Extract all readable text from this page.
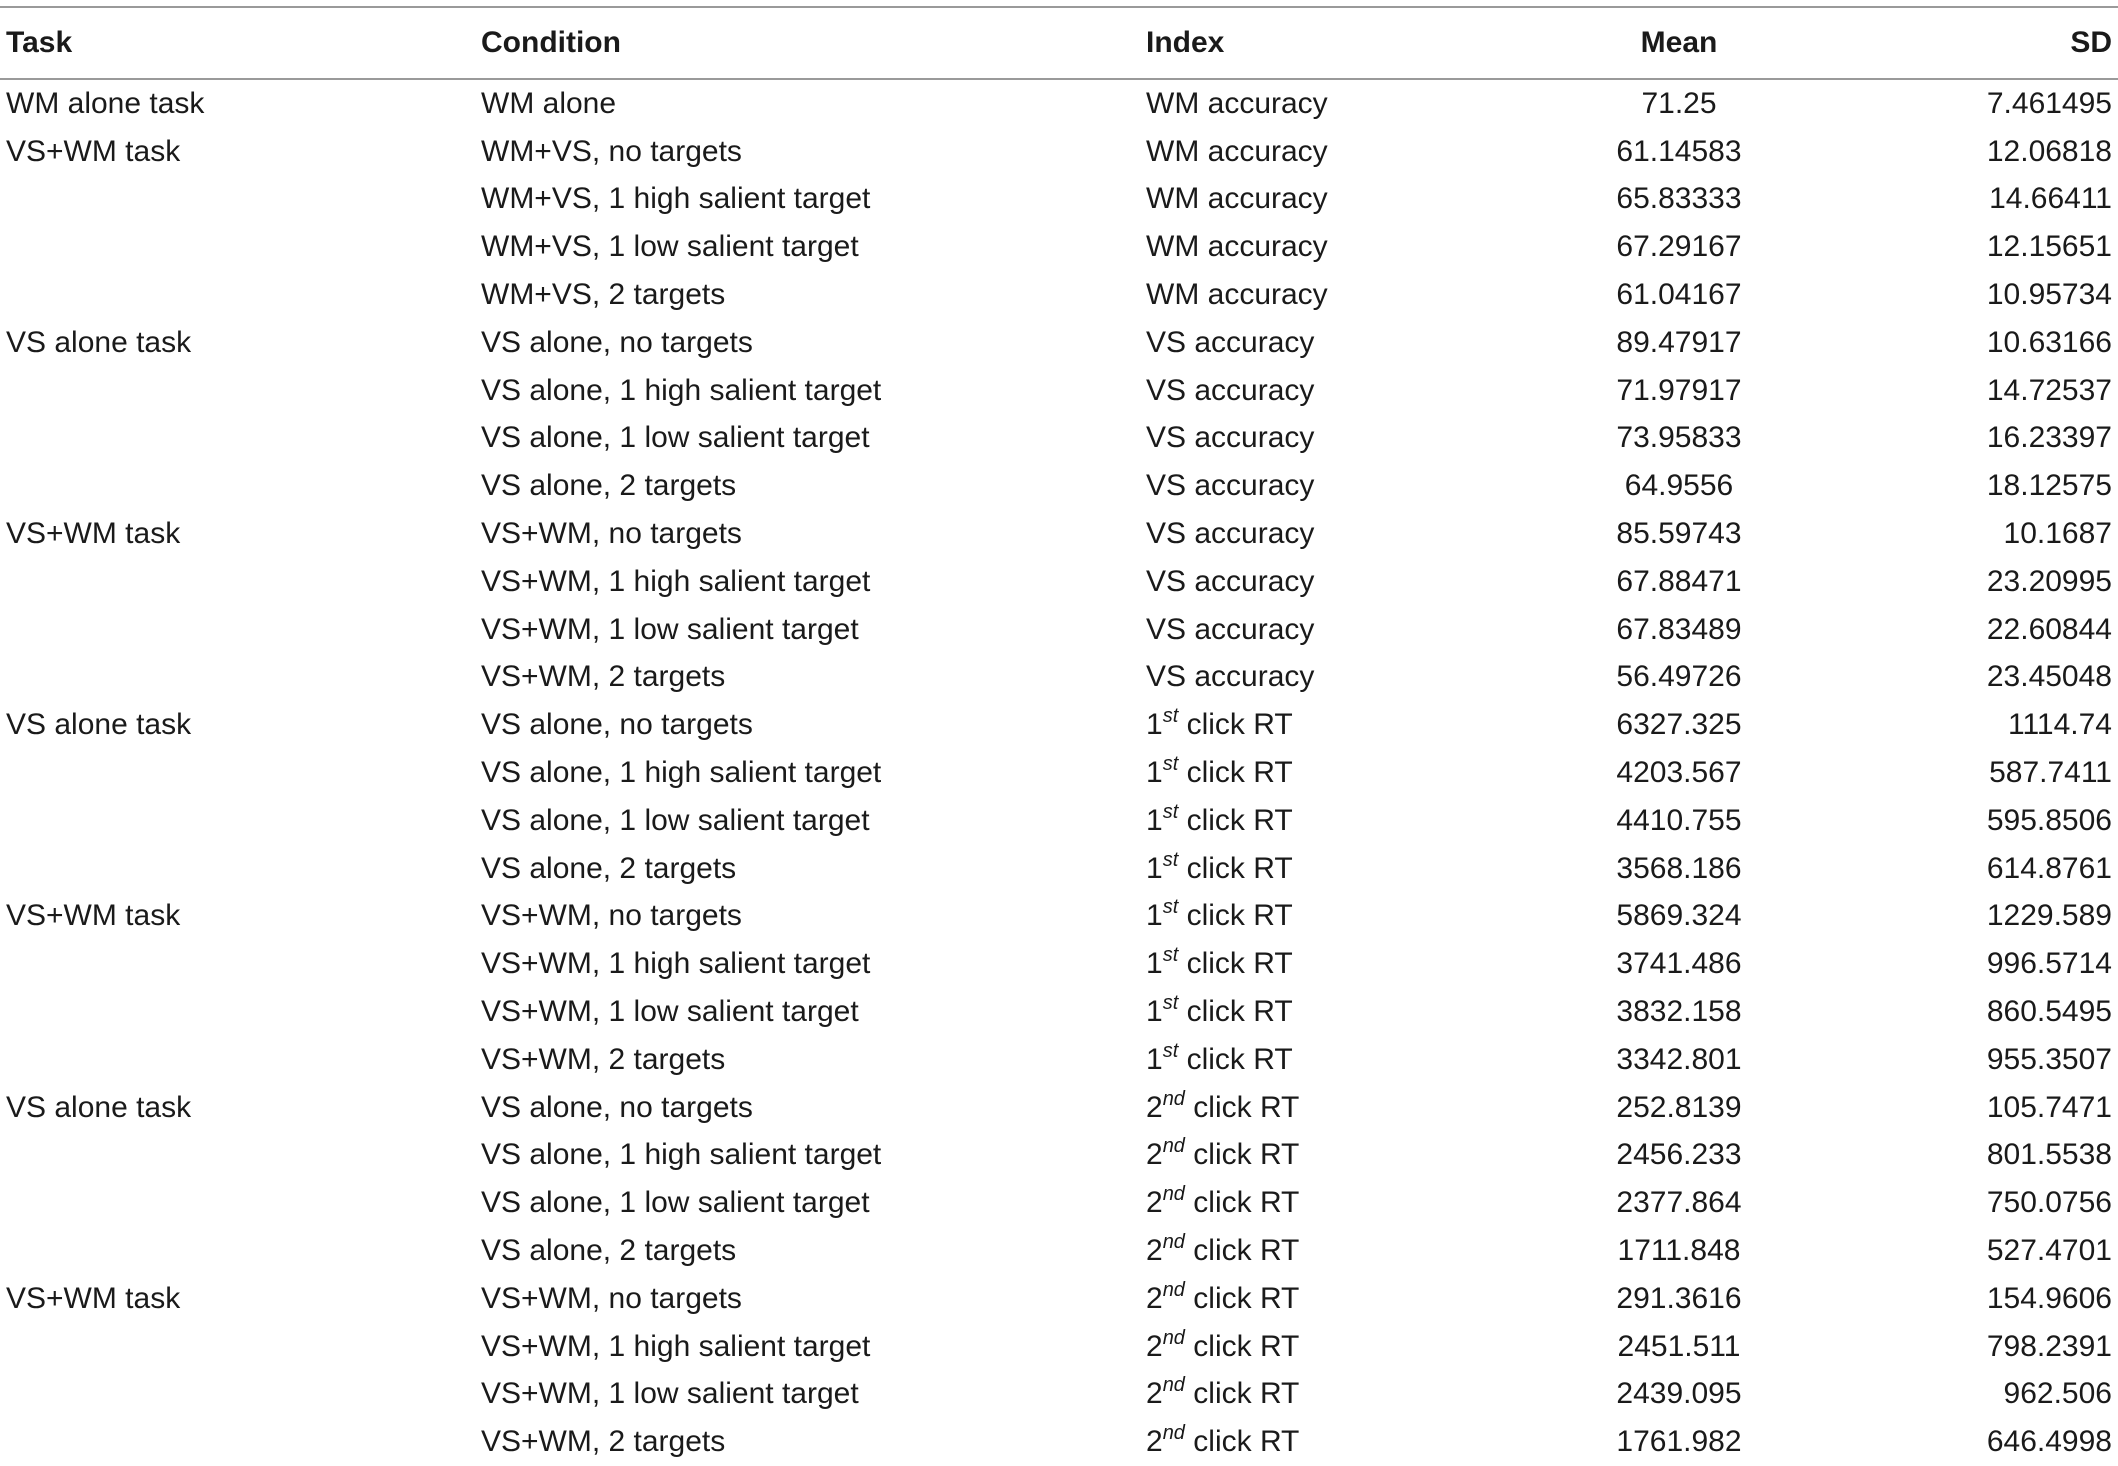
Task	Condition	Index	Mean	SD
WM alone task	WM alone	WM accuracy	71.25	7.461495
VS+WM task	WM+VS, no targets	WM accuracy	61.14583	12.06818
	WM+VS, 1 high salient target	WM accuracy	65.83333	14.66411
	WM+VS, 1 low salient target	WM accuracy	67.29167	12.15651
	WM+VS, 2 targets	WM accuracy	61.04167	10.95734
VS alone task	VS alone, no targets	VS accuracy	89.47917	10.63166
	VS alone, 1 high salient target	VS accuracy	71.97917	14.72537
	VS alone, 1 low salient target	VS accuracy	73.95833	16.23397
	VS alone, 2 targets	VS accuracy	64.9556	18.12575
VS+WM task	VS+WM, no targets	VS accuracy	85.59743	10.1687
	VS+WM, 1 high salient target	VS accuracy	67.88471	23.20995
	VS+WM, 1 low salient target	VS accuracy	67.83489	22.60844
	VS+WM, 2 targets	VS accuracy	56.49726	23.45048
VS alone task	VS alone, no targets	1st click RT	6327.325	1114.74
	VS alone, 1 high salient target	1st click RT	4203.567	587.7411
	VS alone, 1 low salient target	1st click RT	4410.755	595.8506
	VS alone, 2 targets	1st click RT	3568.186	614.8761
VS+WM task	VS+WM, no targets	1st click RT	5869.324	1229.589
	VS+WM, 1 high salient target	1st click RT	3741.486	996.5714
	VS+WM, 1 low salient target	1st click RT	3832.158	860.5495
	VS+WM, 2 targets	1st click RT	3342.801	955.3507
VS alone task	VS alone, no targets	2nd click RT	252.8139	105.7471
	VS alone, 1 high salient target	2nd click RT	2456.233	801.5538
	VS alone, 1 low salient target	2nd click RT	2377.864	750.0756
	VS alone, 2 targets	2nd click RT	1711.848	527.4701
VS+WM task	VS+WM, no targets	2nd click RT	291.3616	154.9606
	VS+WM, 1 high salient target	2nd click RT	2451.511	798.2391
	VS+WM, 1 low salient target	2nd click RT	2439.095	962.506
	VS+WM, 2 targets	2nd click RT	1761.982	646.4998
